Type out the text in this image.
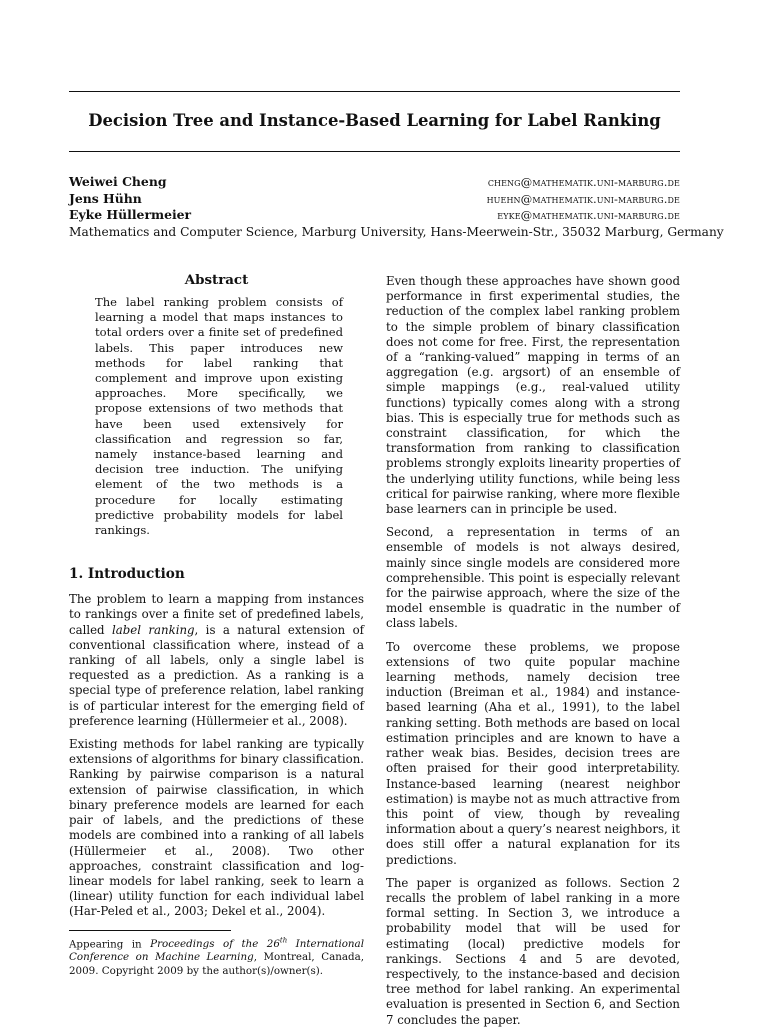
Decision Tree and Instance-Based Learning for Label Ranking
Weiwei Cheng	cheng@mathematik.uni-marburg.de
Jens Hühn	huehn@mathematik.uni-marburg.de
Eyke Hüllermeier	eyke@mathematik.uni-marburg.de
Mathematics and Computer Science, Marburg University, Hans-Meerwein-Str., 35032 Marburg, Germany
Abstract
The label ranking problem consists of learning a model that maps instances to total orders over a finite set of predefined labels. This paper introduces new methods for label ranking that complement and improve upon existing approaches. More specifically, we propose extensions of two methods that have been used extensively for classification and regression so far, namely instance-based learning and decision tree induction. The unifying element of the two methods is a procedure for locally estimating predictive probability models for label rankings.
1. Introduction

The problem to learn a mapping from instances to rankings over a finite set of predefined labels, called label ranking, is a natural extension of conventional classification where, instead of a ranking of all labels, only a single label is requested as a prediction. As a ranking is a special type of preference relation, label ranking is of particular interest for the emerging field of preference learning (Hüllermeier et al., 2008).

Existing methods for label ranking are typically extensions of algorithms for binary classification. Ranking by pairwise comparison is a natural extension of pairwise classification, in which binary preference models are learned for each pair of labels, and the predictions of these models are combined into a ranking of all labels (Hüllermeier et al., 2008). Two other approaches, constraint classification and log-linear models for label ranking, seek to learn a (linear) utility function for each individual label (Har-Peled et al., 2003; Dekel et al., 2004).

Appearing in Proceedings of the 26th International Conference on Machine Learning, Montreal, Canada, 2009. Copyright 2009 by the author(s)/owner(s).

Even though these approaches have shown good performance in first experimental studies, the reduction of the complex label ranking problem to the simple problem of binary classification does not come for free. First, the representation of a “ranking-valued” mapping in terms of an aggregation (e.g. argsort) of an ensemble of simple mappings (e.g., real-valued utility functions) typically comes along with a strong bias. This is especially true for methods such as constraint classification, for which the transformation from ranking to classification problems strongly exploits linearity properties of the underlying utility functions, while being less critical for pairwise ranking, where more flexible base learners can in principle be used.

Second, a representation in terms of an ensemble of models is not always desired, mainly since single models are considered more comprehensible. This point is especially relevant for the pairwise approach, where the size of the model ensemble is quadratic in the number of class labels.

To overcome these problems, we propose extensions of two quite popular machine learning methods, namely decision tree induction (Breiman et al., 1984) and instance-based learning (Aha et al., 1991), to the label ranking setting. Both methods are based on local estimation principles and are known to have a rather weak bias. Besides, decision trees are often praised for their good interpretability. Instance-based learning (nearest neighbor estimation) is maybe not as much attractive from this point of view, though by revealing information about a query’s nearest neighbors, it does still offer a natural explanation for its predictions.

The paper is organized as follows. Section 2 recalls the problem of label ranking in a more formal setting. In Section 3, we introduce a probability model that will be used for estimating (local) predictive models for rankings. Sections 4 and 5 are devoted, respectively, to the instance-based and decision tree method for label ranking. An experimental evaluation is presented in Section 6, and Section 7 concludes the paper.
